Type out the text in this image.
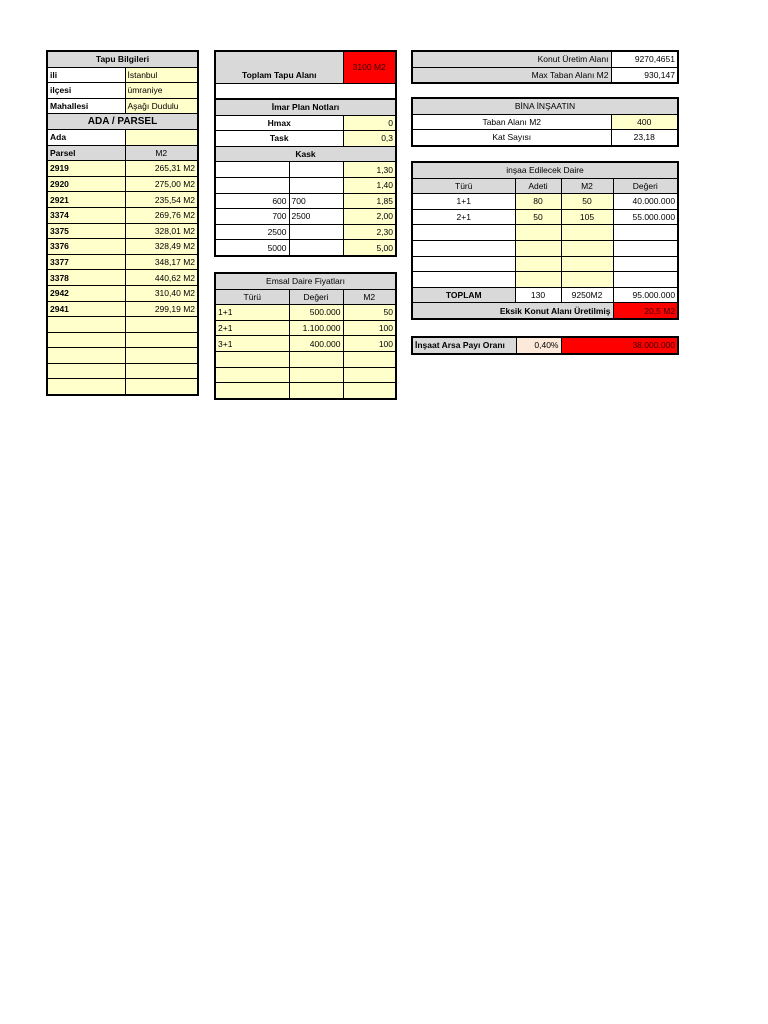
Tapu Bilgileri	
ili	İstanbul
ilçesi	ümraniye
Mahallesi	Aşağı Dudulu
ADA / PARSEL	
Ada	
Parsel	M2
2919	265,31 M2
2920	275,00 M2
2921	235,54 M2
3374	269,76 M2
3375	328,01 M2
3376	328,49 M2
3377	348,17 M2
3378	440,62 M2
2942	310,40 M2
2941	299,19 M2

Toplam Tapu Alanı	3100 M2

İmar Plan Notları		
Hmax		0
Task		0,3
Kask		
		1,30
		1,40
600	700	1,85
700	2500	2,00
2500		2,30
5000		5,00
Emsal Daire Fiyatları		
Türü	Değeri	M2
1+1	500.000	50
2+1	1.100.000	100
3+1	400.000	100

Konut Üretim Alanı	9270,4651
Max Taban Alanı M2	930,147
BİNA İNŞAATIN	
Taban Alanı M2	400
Kat Sayısı	23,18
inşaa Edilecek Daire			
Türü	Adeti	M2	Değeri
1+1	80	50	40.000.000
2+1	50	105	55.000.000

TOPLAM	130	9250M2	95.000.000
Eksik Konut Alanı Üretilmiş			20,5 M2
İnşaat Arsa Payı Oranı	0,40%	38.000.000
